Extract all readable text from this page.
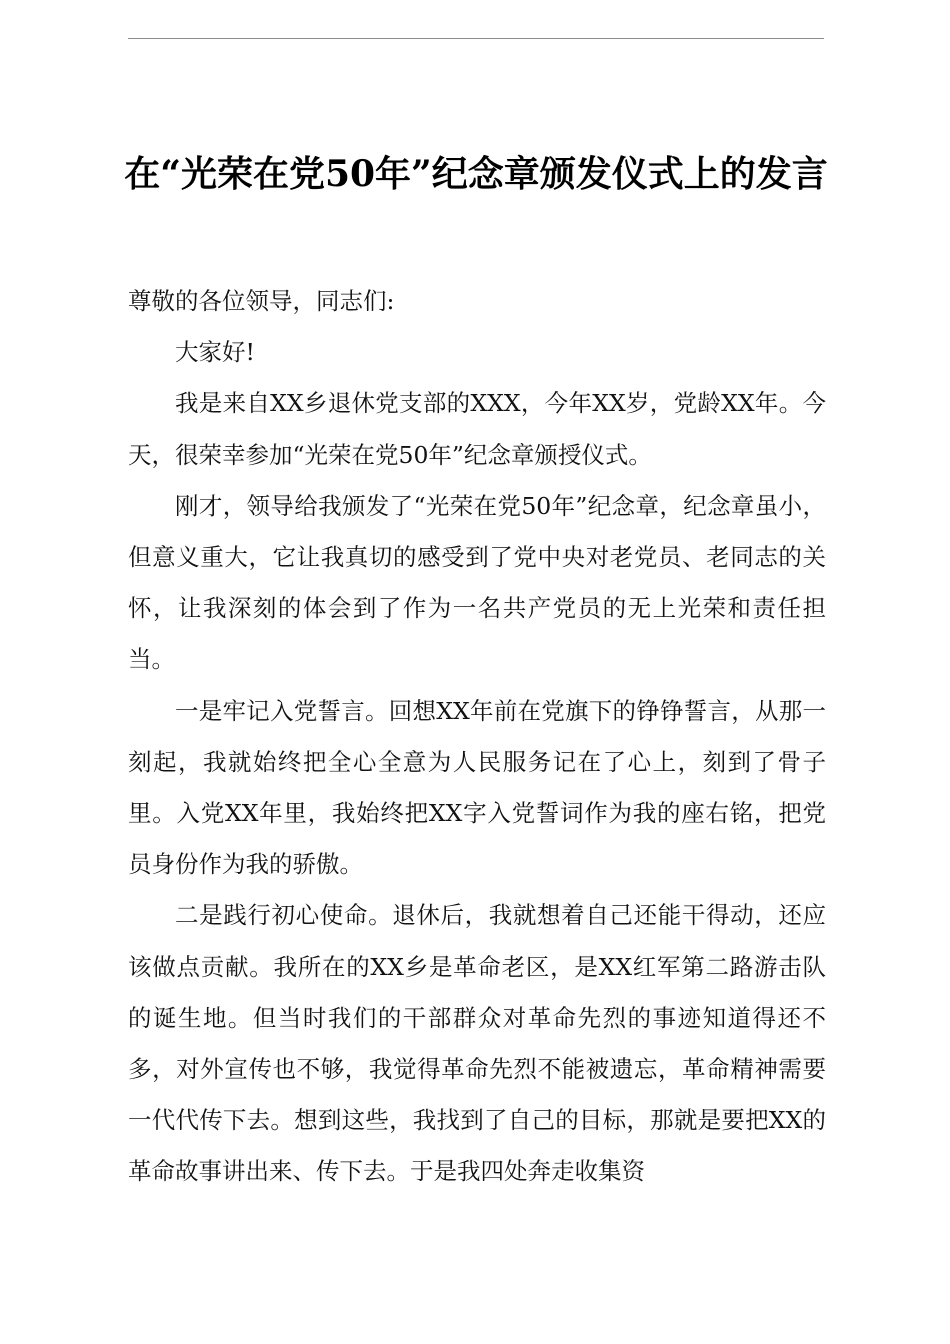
在“光荣在党50年”纪念章颁发仪式上的发言

尊敬的各位领导，同志们:

大家好!

我是来自XX乡退休党支部的XXX，今年XX岁，党龄XX年。今天，很荣幸参加“光荣在党50年”纪念章颁授仪式。

刚才，领导给我颁发了“光荣在党50年”纪念章，纪念章虽小，但意义重大，它让我真切的感受到了党中央对老党员、老同志的关怀，让我深刻的体会到了作为一名共产党员的无上光荣和责任担当。

一是牢记入党誓言。回想XX年前在党旗下的铮铮誓言，从那一刻起，我就始终把全心全意为人民服务记在了心上，刻到了骨子里。入党XX年里，我始终把XX字入党誓词作为我的座右铭，把党员身份作为我的骄傲。

二是践行初心使命。退休后，我就想着自己还能干得动，还应该做点贡献。我所在的XX乡是革命老区，是XX红军第二路游击队的诞生地。但当时我们的干部群众对革命先烈的事迹知道得还不多，对外宣传也不够，我觉得革命先烈不能被遗忘，革命精神需要一代代传下去。想到这些，我找到了自己的目标，那就是要把XX的革命故事讲出来、传下去。于是我四处奔走收集资
